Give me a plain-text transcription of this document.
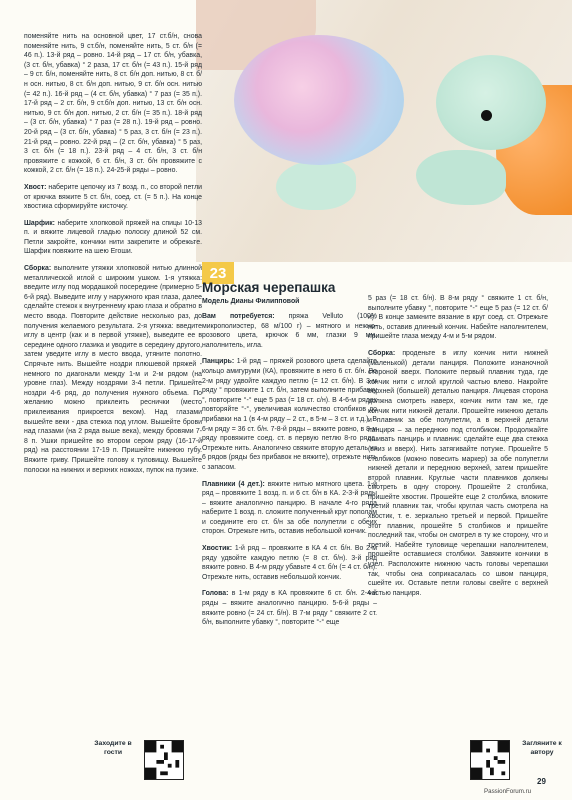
поменяйте нить на основной цвет, 17 ст.б/н, снова поменяйте нить, 9 ст.б/н, поменяйте нить, 5 ст. б/н (= 46 п.). 13-й ряд – ровно. 14-й ряд – 17 ст. б/н, убавка, (3 ст. б/н, убавка) ° 2 раза, 17 ст. б/н (= 43 п.). 15-й ряд – 9 ст. б/н, поменяйте нить, 8 ст. б/н доп. нитью, 8 ст. б/н осн. нитью, 8 ст. б/н доп. нитью, 9 ст. б/н осн. нитью (= 42 п.). 16-й ряд – (4 ст. б/н, убавка) ° 7 раз (= 35 п.). 17-й ряд – 2 ст. б/н, 9 ст.б/н доп. нитью, 13 ст. б/н осн. нитью, 9 ст. б/н доп. нитью, 2 ст. б/н (= 35 п.). 18-й ряд – (3 ст. б/н, убавка) ° 7 раз (= 28 п.). 19-й ряд – ровно. 20-й ряд – (3 ст. б/н, убавка) ° 5 раз, 3 ст. б/н (= 23 п.). 21-й ряд – ровно. 22-й ряд – (2 ст. б/н, убавка) ° 5 раз, 3 ст. б/н (= 18 п.). 23-й ряд – 4 ст. б/н, 3 ст. б/н провяжите с кожкой, 6 ст. б/н, 3 ст. б/н провяжите с кожкой, 2 ст. б/н (= 18 п.). 24-25-й ряды – ровно.

Хвост: наберите цепочку из 7 возд. п., со второй петли от крючка вяжите 5 ст. б/н, соед. ст. (= 5 п.). На конце хвостика сформируйте кисточку.

Шарфик: наберите хлопковой пряжей на спицы 10-13 п. и вяжите лицевой гладью полоску длиной 52 см. Петли закройте, кончики нити закрепите и обрежьте. Шарфик повяжите на шею Егоши.

Сборка: выполните утяжки хлопковой нитью длинной металлической иглой с широким ушком. 1-я утяжка: введите иглу под мордашкой посередине (примерно 5-6-й ряд). Выведите иглу у наружного края глаза, далее сделайте стежок к внутреннему краю глаза и обратно в место ввода. Повторите действие несколько раз, до получения желаемого результата. 2-я утяжка: введите иглу в центр (как и в первой утяжке), выведите ее в середине одного глазика и уводите в середину другого, затем уведите иглу в место ввода, утяните полотно. Спрячьте нить. Вышейте ноздри плюшевой пряжей - немного по диагонали между 1-м и 2-м рядом (на уровне глаз). Между ноздрями 3-4 петли. Пришейте ноздри 4-6 ряд, до получения нужного объема. По желанию можно приклеить реснички (место приклеивания прикроется веком). Над глазами вышейте веки - два стежка под углом. Вышейте брови над глазами (на 2 ряда выше века), между бровями 7-8 п. Ушки пришейте во втором сером ряду (16-17-й ряд) на расстоянии 17-19 п. Пришейте нижнюю губу. Вяжите гриву. Пришейте голову к туловищу. Вышейте полоски на нижних и верхних ножках, пупок на пузике.

23
Морская черепашка
Модель Дианы Филипповой

Вам потребуется: пряжа Velluto (100% микрополиэстер, 68 м/100 г) – мятного и нежно-розового цвета, крючок 6 мм, глазки 9 мм, наполнитель, игла.

Панцирь: 1-й ряд – пряжей розового цвета сделайте кольцо амигуруми (КА), провяжите в него 6 ст. б/н. Во 2-м ряду удвойте каждую петлю (= 12 ст. б/н). В 3-м ряду ° провяжите 1 ст. б/н, затем выполните прибавку °, повторите °-° еще 5 раз (= 18 ст. с/н). В 4-6-м рядах повторяйте °-°, увеличивая количество столбиков до прибавки на 1 (в 4-м ряду – 2 ст., в 5-м – 3 ст. и т.д.). В 6-м ряду = 36 ст. б/н. 7-8-й ряды – вяжите ровно, в 8-м ряду провяжите соед. ст. в первую петлю 8-го ряда. Отрежьте нить. Аналогично свяжите вторую деталь из 6 рядов (ряды без прибавок не вяжите), отрежьте нить с запасом.

Плавники (4 дет.): вяжите нитью мятного цвета. 1-й ряд – провяжите 1 возд. п. и 6 ст. б/н в КА. 2-3-й ряды – вяжите аналогично панцирю. В начале 4-го ряда наберите 1 возд. п. сложите полученный круг пополам и соедините его ст. б/н за обе полупетли с обеих сторон. Отрежьте нить, оставив небольшой кончик.

Хвостик: 1-й ряд – провяжите в КА 4 ст. б/н. Во 2-м ряду удвойте каждую петлю (= 8 ст. б/н). 3-й ряд вяжите ровно. В 4-м ряду убавьте 4 ст. б/н (= 4 ст. б/н). Отрежьте нить, оставив небольшой кончик.

Голова: в 1-м ряду в КА провяжите 6 ст. б/н. 2-4-й ряды – вяжите аналогично панцирю. 5-6-й ряды – вяжите ровно (= 24 ст. б/н). В 7-м ряду ° свяжите 2 ст. б/н, выполните убавку °, повторите °-° еще

5 раз (= 18 ст. б/н). В 8-м ряду ° свяжите 1 ст. б/н, выполните убавку °, повторите °-° еще 5 раз (= 12 ст. б/н). В конце замкните вязание в круг соед. ст. Отрежьте нить, оставив длинный кончик. Набейте наполнителем, пришейте глаза между 4-м и 5-м рядом.

Сборка: проденьте в иглу кончик нити нижней (маленькой) детали панциря. Положите изнаночной стороной вверх. Положите первый плавник туда, где кончик нити с иглой круглой частью влево. Накройте верхней (большей) деталью панциря. Лицевая сторона должна смотреть наверх, кончик нити там же, где кончик нити нижней детали. Прошейте нижнюю деталь и плавник за обе полупетли, а в верхней детали панциря – за переднюю под столбиком. Продолжайте сшивать панцирь и плавник: сделайте еще два стежка (вниз и вверх). Нить затягивайте потуже. Прошейте 5 столбиков (можно повесить маркер) за обе полупетли нижней детали и переднюю верхней, затем пришейте второй плавник. Круглые части плавников должны смотреть в одну сторону. Прошейте 2 столбика, пришейте хвостик. Прошейте еще 2 столбика, вложите третий плавник так, чтобы круглая часть смотрела на хвостик, т. е. зеркально третьей и первой. Пришейте этот плавник, прошейте 5 столбиков и пришейте последний так, чтобы он смотрел в ту же сторону, что и третий. Набейте туловище черепашки наполнителем, прошейте оставшиеся столбики. Завяжите кончики в узел. Расположите нижнюю часть головы черепашки так, чтобы она соприкасалась со швом панциря, сшейте их. Оставьте петли головы свейте с верхней частью панциря.

Заходите в гости
Загляните к автору
29
PassionForum.ru
